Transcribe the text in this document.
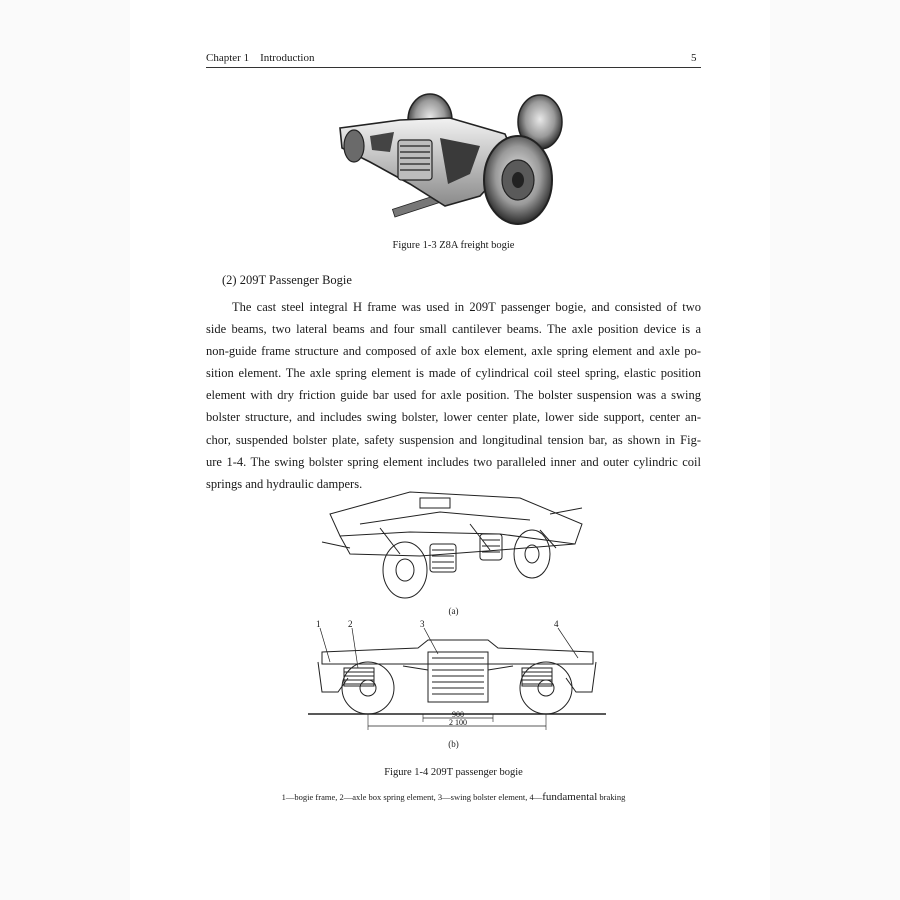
Chapter 1    Introduction	5
Figure 1-3 Z8A freight bogie
(2) 209T Passenger Bogie
The cast steel integral H frame was used in 209T passenger bogie, and consisted of two
side beams, two lateral beams and four small cantilever beams. The axle position device is a
non-guide frame structure and composed of axle box element, axle spring element and axle po-
sition element. The axle spring element is made of cylindrical coil steel spring, elastic position
element with dry friction guide bar used for axle position. The bolster suspension was a swing
bolster structure, and includes swing bolster, lower center plate, lower side support, center an-
chor, suspended bolster plate, safety suspension and longitudinal tension bar, as shown in Fig-
ure 1-4. The swing bolster spring element includes two paralleled inner and outer cylindric coil
springs and hydraulic dampers.
(a)
1	2	3	4
900
2 100
(b)
Figure 1-4 209T passenger bogie
1—bogie frame, 2—axle box spring element, 3—swing bolster element, 4—fundamental braking
